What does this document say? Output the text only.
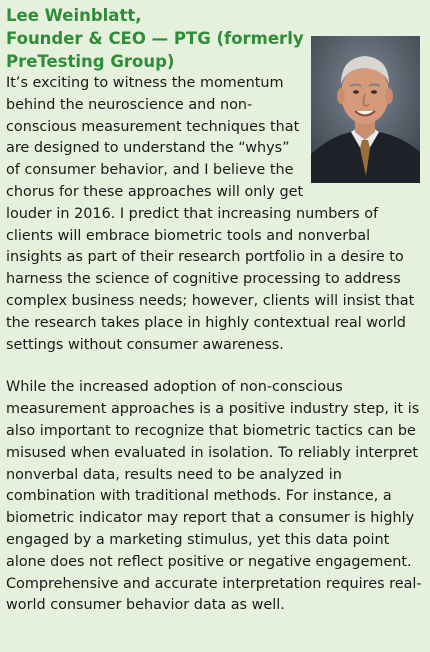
Lee Weinblatt,
Founder & CEO — PTG (formerly
PreTesting Group)

It’s exciting to witness the momentum behind the neuroscience and non-conscious measurement techniques that are designed to understand the “whys” of consumer behavior, and I believe the chorus for these approaches will only get louder in 2016. I predict that increasing numbers of clients will embrace biometric tools and nonverbal insights as part of their research portfolio in a desire to harness the science of cognitive processing to address complex business needs; however, clients will insist that the research takes place in highly contextual real world settings without consumer awareness.

While the increased adoption of non-conscious measurement approaches is a positive industry step, it is also important to recognize that biometric tactics can be misused when evaluated in isolation. To reliably interpret nonverbal data, results need to be analyzed in combination with traditional methods. For instance, a biometric indicator may report that a consumer is highly engaged by a marketing stimulus, yet this data point alone does not reflect positive or negative engagement. Comprehensive and accurate interpretation requires real-world consumer behavior data as well.
